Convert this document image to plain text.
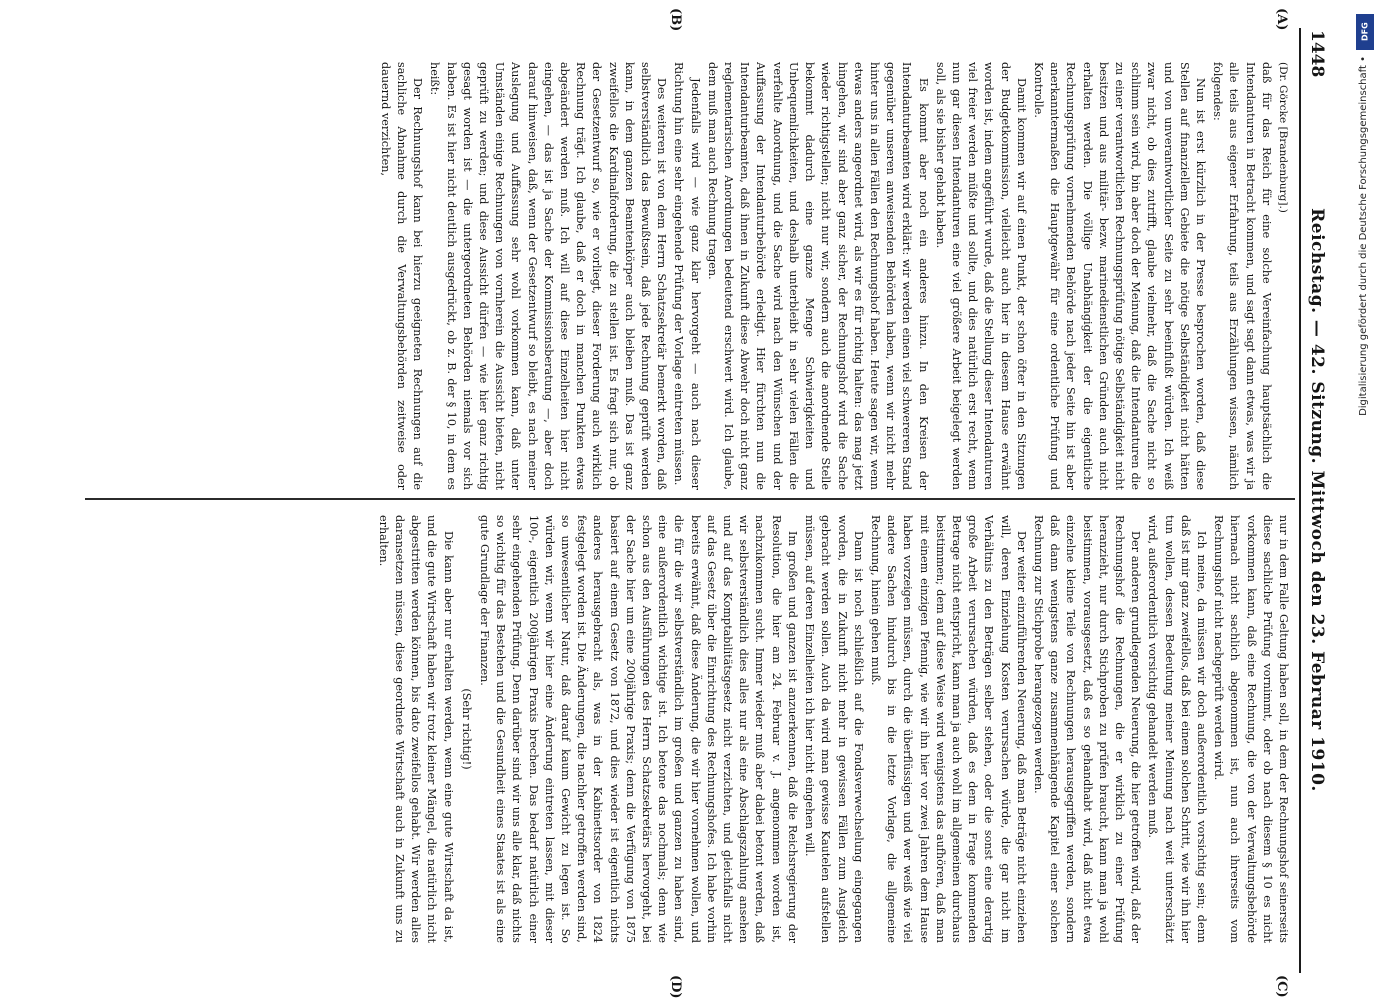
1448
Reichstag. — 42. Sitzung. Mittwoch den 23. Februar 1910.
(A)
(B)
(C)
(D)
(Dr. Görcke [Brandenburg].)

daß für das Reich für eine solche Vereinfachung hauptsächlich die Intendanturen in Betracht kommen, und sagt sagt dann etwas, was wir ja alle teils aus eigener Erfahrung, teils aus Erzählungen wissen, nämlich folgendes:

Nun ist erst kürzlich in der Presse besprochen worden, daß diese Stellen auf finanziellem Gebiete die nötige Selbständigkeit nicht hätten und von unverantwortlicher Seite zu sehr beeinflußt würden. Ich weiß zwar nicht, ob dies zutrifft, glaube vielmehr, daß die Sache nicht so schlimm sein wird, bin aber doch der Meinung, daß die Intendanturen die zu einer verantwortlichen Rechnungsprüfung nötige Selbständigkeit nicht besitzen und aus militär- bezw. marinedienstlichen Gründen auch nicht erhalten werden. Die völlige Unabhängigkeit der die eigentliche Rechnungsprüfung vornehmenden Behörde nach jeder Seite hin ist aber anerkanntermaßen die Hauptgewähr für eine ordentliche Prüfung und Kontrolle.

Damit kommen wir auf einen Punkt, der schon öfter in den Sitzungen der Budgetkommission, vielleicht auch hier in diesem Hause erwähnt worden ist, indem angeführt wurde, daß die Stellung dieser Intendanturen viel freier werden müßte und sollte, und dies natürlich erst recht, wenn nun gar diesen Intendanturen eine viel größere Arbeit beigelegt werden soll, als sie bisher gehabt haben.

Es kommt aber noch ein anderes hinzu. In den Kreisen der Intendanturbeamten wird erklärt: wir werden einen viel schwereren Stand gegenüber unseren anweisenden Behörden haben, wenn wir nicht mehr hinter uns in allen Fällen den Rechnungshof haben. Heute sagen wir, wenn etwas anders angeordnet wird, als wir es für richtig halten: das mag jetzt hingehen, wir sind aber ganz sicher, der Rechnungshof wird die Sache wieder richtigstellen; nicht nur wir, sondern auch die anordnende Stelle bekommt dadurch eine ganze Menge Schwierigkeiten und Unbequemlichkeiten, und deshalb unterbleibt in sehr vielen Fällen die verfehlte Anordnung, und die Sache wird nach den Wünschen und der Auffassung der Intendanturbehörde erledigt. Hier fürchten nun die Intendanturbeamten, daß ihnen in Zukunft diese Abwehr doch nicht ganz reglementarischen Anordnungen bedeutend erschwert wird. Ich glaube, dem muß man auch Rechnung tragen.

Jedenfalls wird — wie ganz klar hervorgeht — auch nach dieser Richtung hin eine sehr eingehende Prüfung der Vorlage eintreten müssen.

Des weiteren ist von dem Herrn Schatzsekretär bemerkt worden, daß selbstverständlich das Bewußtsein, daß jede Rechnung geprüft werden kann, in dem ganzen Beamtenkörper auch bleiben muß. Das ist ganz zweifellos die Kardinalforderung, die zu stellen ist. Es fragt sich nur, ob der Gesetzentwurf so, wie er vorliegt, dieser Forderung auch wirklich Rechnung trägt. Ich glaube, daß er doch in manchen Punkten etwas abgeändert werden muß. Ich will auf diese Einzelheiten hier nicht eingehen, — das ist ja Sache der Kommissionsberatung —, aber doch darauf hinweisen, daß, wenn der Gesetzentwurf so bleibt, es nach meiner Auslegung und Auffassung sehr wohl vorkommen kann, daß unter Umständen einige Rechnungen von vornherein die Aussicht bieten, nicht geprüft zu werden; und diese Aussicht dürfen — wie hier ganz richtig gesagt worden ist — die untergeordneten Behörden niemals vor sich haben. Es ist hier nicht deutlich ausgedrückt, ob z. B. der § 10, in dem es heißt:

Der Rechnungshof kann bei hierzu geeigneten Rechnungen auf die sachliche Abnahme durch die Verwaltungsbehörden zeitweise oder dauernd verzichten,

nur in dem Falle Geltung haben soll, in dem der Rechnungshof seinerseits diese sachliche Prüfung vornimmt, oder ob nach diesem § 10 es nicht vorkommen kann, daß eine Rechnung, die von der Verwaltungsbehörde hiernach nicht sachlich abgenommen ist, nun auch ihrerseits vom Rechnungshof nicht nachgeprüft werden wird.

Ich meine, da müssen wir doch außerordentlich vorsichtig sein; denn daß ist mir ganz zweifellos, daß bei einem solchen Schritt, wie wir ihn hier tun wollen, dessen Bedeutung meiner Meinung nach weit unterschätzt wird, außerordentlich vorsichtig gehandelt werden muß.

Der anderen grundlegenden Neuerung, die hier getroffen wird, daß der Rechnungshof die Rechnungen, die er wirklich zu einer Prüfung heranzieht, nur durch Stichproben zu prüfen braucht, kann man ja wohl beistimmen, vorausgesetzt, daß es so gehandhabt wird, daß nicht etwa einzelne kleine Teile von Rechnungen herausgegriffen werden, sondern daß dann wenigstens ganze zusammenhängende Kapitel einer solchen Rechnung zur Stichprobe herangezogen werden.

Der weiter einzuführenden Neuerung, daß man Beträge nicht einziehen will, deren Einziehung Kosten verursachen würde, die gar nicht im Verhältnis zu den Beträgen selber stehen, oder die sonst eine derartig große Arbeit verursachen würden, daß es dem in Frage kommenden Betrage nicht entspricht, kann man ja auch wohl im allgemeinen durchaus beistimmen; dem auf diese Weise wird wenigstens das aufhören, daß man mit einem einzigen Pfennig, wie wir ihn hier vor zwei Jahren dem Hause haben vorzeigen müssen, durch die überflüssigen und wer weiß wie viel andere Sachen hindurch bis in die letzte Vorlage, die allgemeine Rechnung, hinein gehen muß.

Dann ist noch schließlich auf die Fondsverwechselung eingegangen worden, die in Zukunft nicht mehr in gewissen Fällen zum Ausgleich gebracht werden sollen. Auch da wird man gewisse Kautelen aufstellen müssen, auf deren Einzelheiten ich hier nicht eingehen will.

Im großen und ganzen ist anzuerkennen, daß die Reichsregierung der Resolution, die hier am 24. Februar v. J. angenommen worden ist, nachzukommen sucht. Immer wieder muß aber dabei betont werden, daß wir selbstverständlich dies alles nur als eine Abschlagszahlung ansehen und auf das Komptabilitätsgesetz nicht verzichten, und gleichfalls nicht auf das Gesetz über die Einrichtung des Rechnungshofes. Ich habe vorhin bereits erwähnt, daß diese Änderung, die wir hier vornehmen wollen, und die für die wir selbstverständlich im großen und ganzen zu haben sind, eine außerordentlich wichtige ist. Ich betone das nochmals; denn wie schon aus den Ausführungen des Herrn Schatzsekretärs hervorgeht, bei der Sache hier um eine 200jährige Praxis; denn die Verfügung von 1875 basiert auf einem Gesetz von 1872, und dies wieder ist eigentlich nichts anderes herausgebracht als, was in der Kabinettsorder von 1824 festgelegt worden ist. Die Änderungen, die nachher getroffen werden sind, so unwesentlicher Natur, daß darauf kaum Gewicht zu legen ist. So würden wir, wenn wir hier eine Änderung eintreten lassen, mit dieser 100-, eigentlich 200jährigen Praxis brechen. Das bedarf natürlich einer sehr eingehenden Prüfung. Denn darüber sind wir uns alle klar, daß nichts so wichtig für das Bestehen und die Gesundheit eines Staates ist als eine gute Grundlage der Finanzen.

(Sehr richtig!)

Die kann aber nur erhalten werden, wenn eine gute Wirtschaft da ist, und die gute Wirtschaft haben wir trotz kleiner Mängel, die natürlich nicht abgestritten werden können, bis dato zweifellos gehabt. Wir werden alles daransetzen müssen, diese geordnete Wirtschaft auch in Zukunft uns zu erhalten.

DFG
Digitalisierung gefördert durch die Deutsche Forschungsgemeinschaft •
